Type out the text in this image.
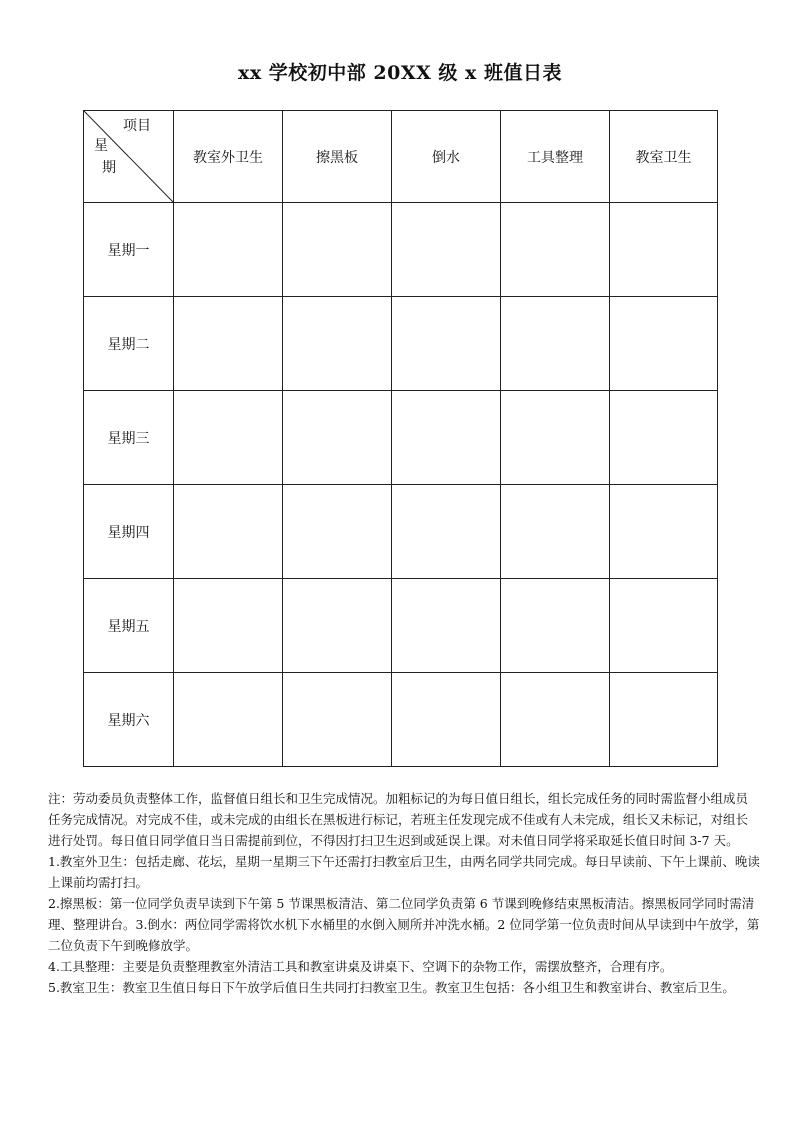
xx 学校初中部 20XX 级 x 班值日表
项目
星
期	教室外卫生	擦黑板	倒水	工具整理	教室卫生
星期一					
星期二					
星期三					
星期四					
星期五					
星期六					

注：劳动委员负责整体工作，监督值日组长和卫生完成情况。加粗标记的为每日值日组长，组长完成任务的同时需监督小组成员任务完成情况。对完成不佳，或未完成的由组长在黑板进行标记，若班主任发现完成不佳或有人未完成，组长又未标记，对组长进行处罚。每日值日同学值日当日需提前到位，不得因打扫卫生迟到或延误上课。对未值日同学将采取延长值日时间 3-7 天。

1.教室外卫生：包括走廊、花坛，星期一星期三下午还需打扫教室后卫生，由两名同学共同完成。每日早读前、下午上课前、晚读上课前均需打扫。

2.擦黑板：第一位同学负责早读到下午第 5 节课黑板清洁、第二位同学负责第 6 节课到晚修结束黑板清洁。擦黑板同学同时需清理、整理讲台。3.倒水：两位同学需将饮水机下水桶里的水倒入厕所并冲洗水桶。2 位同学第一位负责时间从早读到中午放学，第二位负责下午到晚修放学。

4.工具整理：主要是负责整理教室外清洁工具和教室讲桌及讲桌下、空调下的杂物工作，需摆放整齐，合理有序。

5.教室卫生：教室卫生值日每日下午放学后值日生共同打扫教室卫生。教室卫生包括：各小组卫生和教室讲台、教室后卫生。
